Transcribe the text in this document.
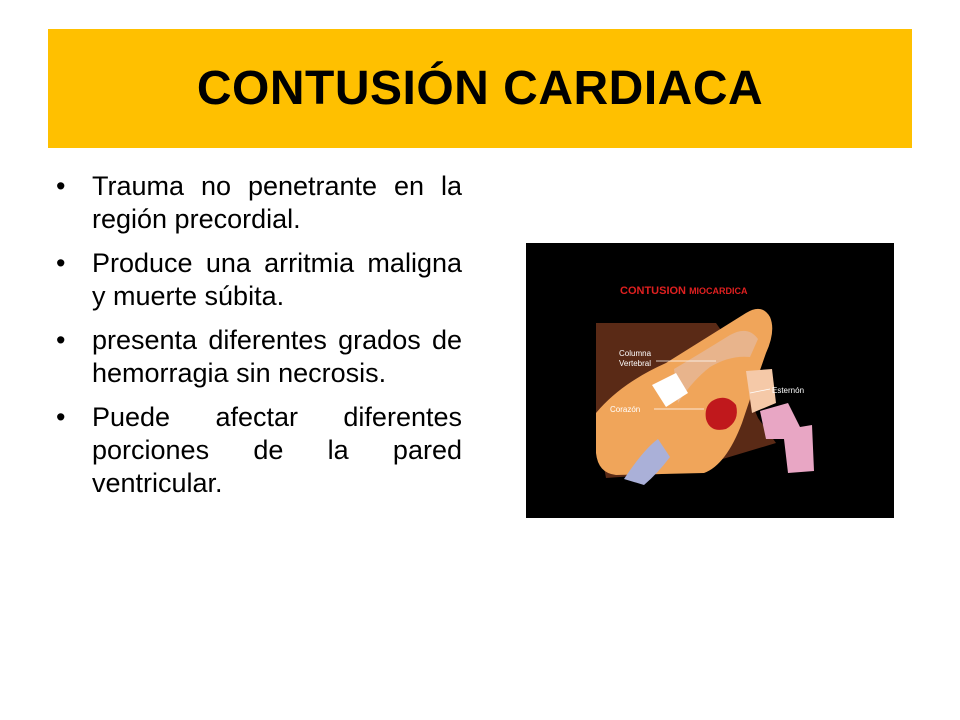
CONTUSIÓN CARDIACA
• Trauma no penetrante en la región precordial.
• Produce una arritmia maligna y muerte súbita.
• presenta diferentes grados de hemorragia sin necrosis.
• Puede afectar diferentes porciones de la pared ventricular.
CONTUSION MIOCARDICA
Columna
Vertebral
Esternón
Corazón
